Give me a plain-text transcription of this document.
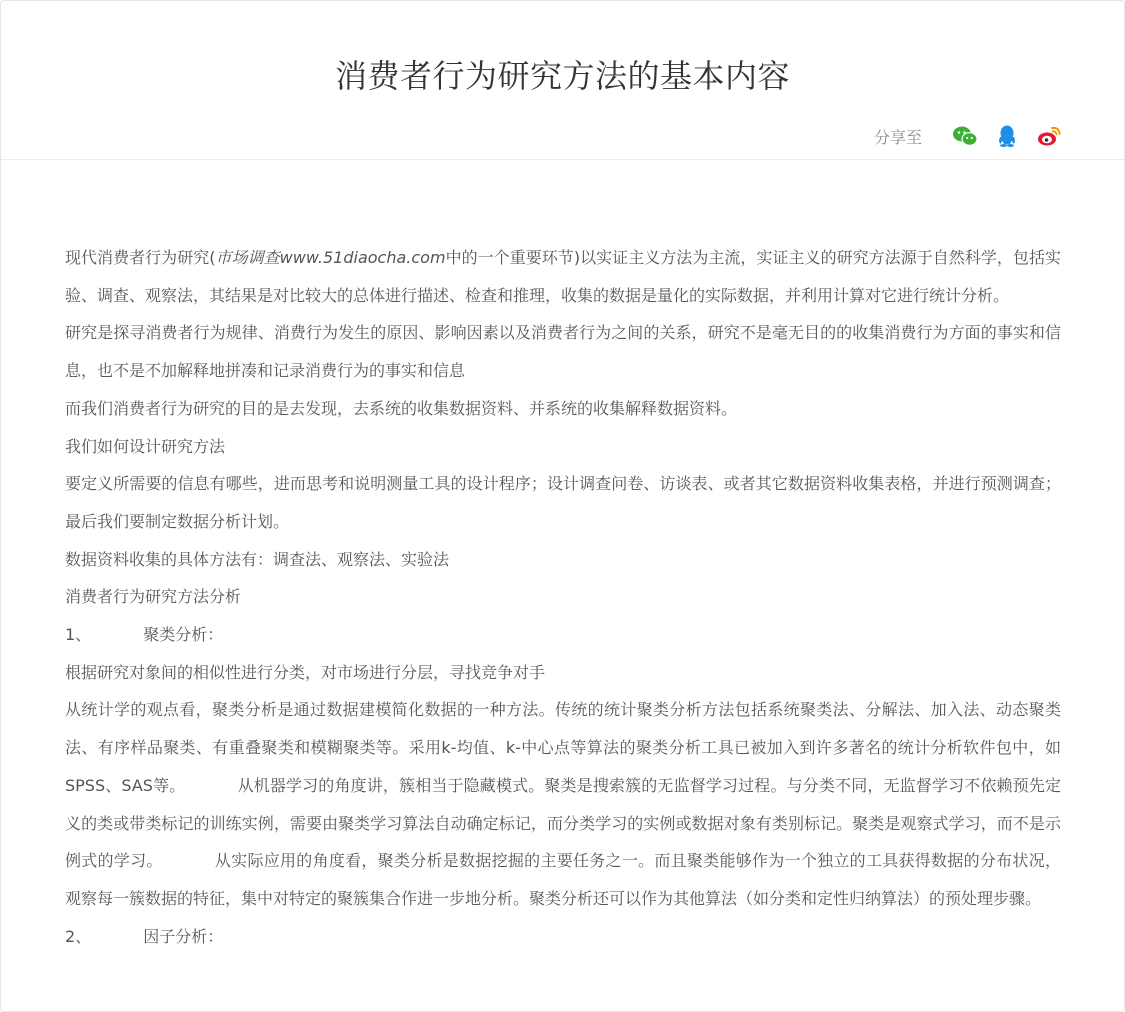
消费者行为研究方法的基本内容
分享至

现代消费者行为研究(市场调查www.51diaocha.com中的一个重要环节)以实证主义方法为主流，实证主义的研究方法源于自然科学，包括实验、调查、观察法，其结果是对比较大的总体进行描述、检查和推理，收集的数据是量化的实际数据，并利用计算对它进行统计分析。

研究是探寻消费者行为规律、消费行为发生的原因、影响因素以及消费者行为之间的关系，研究不是毫无目的的收集消费行为方面的事实和信息，也不是不加解释地拼凑和记录消费行为的事实和信息

而我们消费者行为研究的目的是去发现，去系统的收集数据资料、并系统的收集解释数据资料。

我们如何设计研究方法

要定义所需要的信息有哪些，进而思考和说明测量工具的设计程序；设计调查问卷、访谈表、或者其它数据资料收集表格，并进行预测调查；最后我们要制定数据分析计划。

数据资料收集的具体方法有：调查法、观察法、实验法

消费者行为研究方法分析

1、	聚类分析：

根据研究对象间的相似性进行分类，对市场进行分层，寻找竞争对手

从统计学的观点看，聚类分析是通过数据建模简化数据的一种方法。传统的统计聚类分析方法包括系统聚类法、分解法、加入法、动态聚类法、有序样品聚类、有重叠聚类和模糊聚类等。采用k-均值、k-中心点等算法的聚类分析工具已被加入到许多著名的统计分析软件包中，如SPSS、SAS等。	从机器学习的角度讲，簇相当于隐藏模式。聚类是搜索簇的无监督学习过程。与分类不同，无监督学习不依赖预先定义的类或带类标记的训练实例，需要由聚类学习算法自动确定标记，而分类学习的实例或数据对象有类别标记。聚类是观察式学习，而不是示例式的学习。	从实际应用的角度看，聚类分析是数据挖掘的主要任务之一。而且聚类能够作为一个独立的工具获得数据的分布状况，观察每一簇数据的特征，集中对特定的聚簇集合作进一步地分析。聚类分析还可以作为其他算法（如分类和定性归纳算法）的预处理步骤。

2、	因子分析：
